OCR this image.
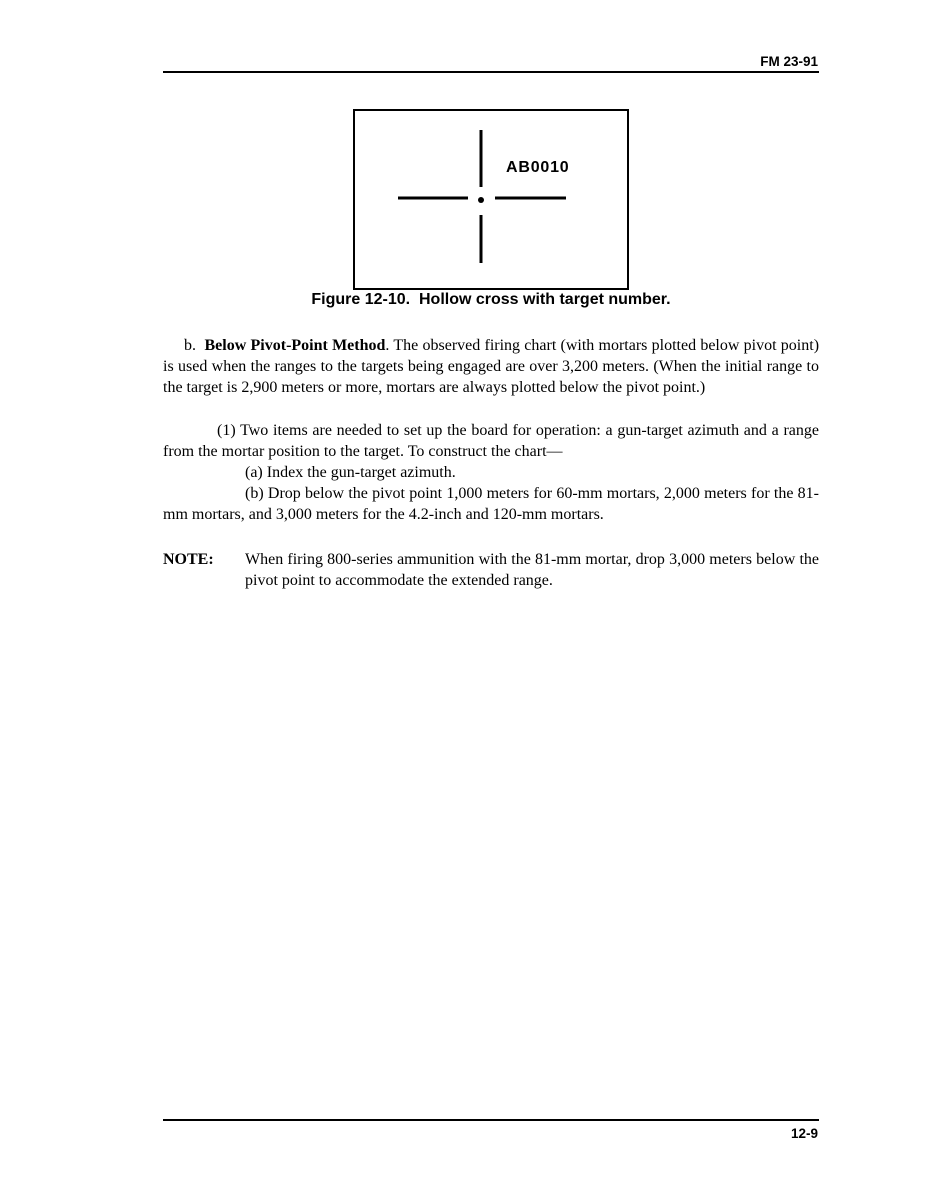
FM 23-91
AB0010
Figure 12-10.  Hollow cross with target number.

b. Below Pivot-Point Method. The observed firing chart (with mortars plotted below pivot point) is used when the ranges to the targets being engaged are over 3,200 meters. (When the initial range to the target is 2,900 meters or more, mortars are always plotted below the pivot point.)

(1) Two items are needed to set up the board for operation: a gun-target azimuth and a range from the mortar position to the target. To construct the chart—

(a) Index the gun-target azimuth.

(b) Drop below the pivot point 1,000 meters for 60-mm mortars, 2,000 meters for the 81-mm mortars, and 3,000 meters for the 4.2-inch and 120-mm mortars.

NOTE: When firing 800-series ammunition with the 81-mm mortar, drop 3,000 meters below the pivot point to accommodate the extended range.

12-9
